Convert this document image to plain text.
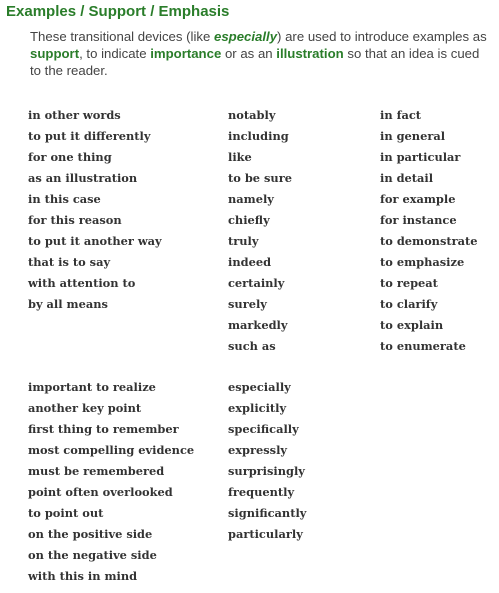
Examples / Support / Emphasis

These transitional devices (like especially) are used to introduce examples as support, to indicate importance or as an illustration so that an idea is cued to the reader.

in other words
to put it differently
for one thing
as an illustration
in this case
for this reason
to put it another way
that is to say
with attention to
by all means
notably
including
like
to be sure
namely
chiefly
truly
indeed
certainly
surely
markedly
such as
in fact
in general
in particular
in detail
for example
for instance
to demonstrate
to emphasize
to repeat
to clarify
to explain
to enumerate
important to realize
another key point
first thing to remember
most compelling evidence
must be remembered
point often overlooked
to point out
on the positive side
on the negative side
with this in mind
especially
explicitly
specifically
expressly
surprisingly
frequently
significantly
particularly
